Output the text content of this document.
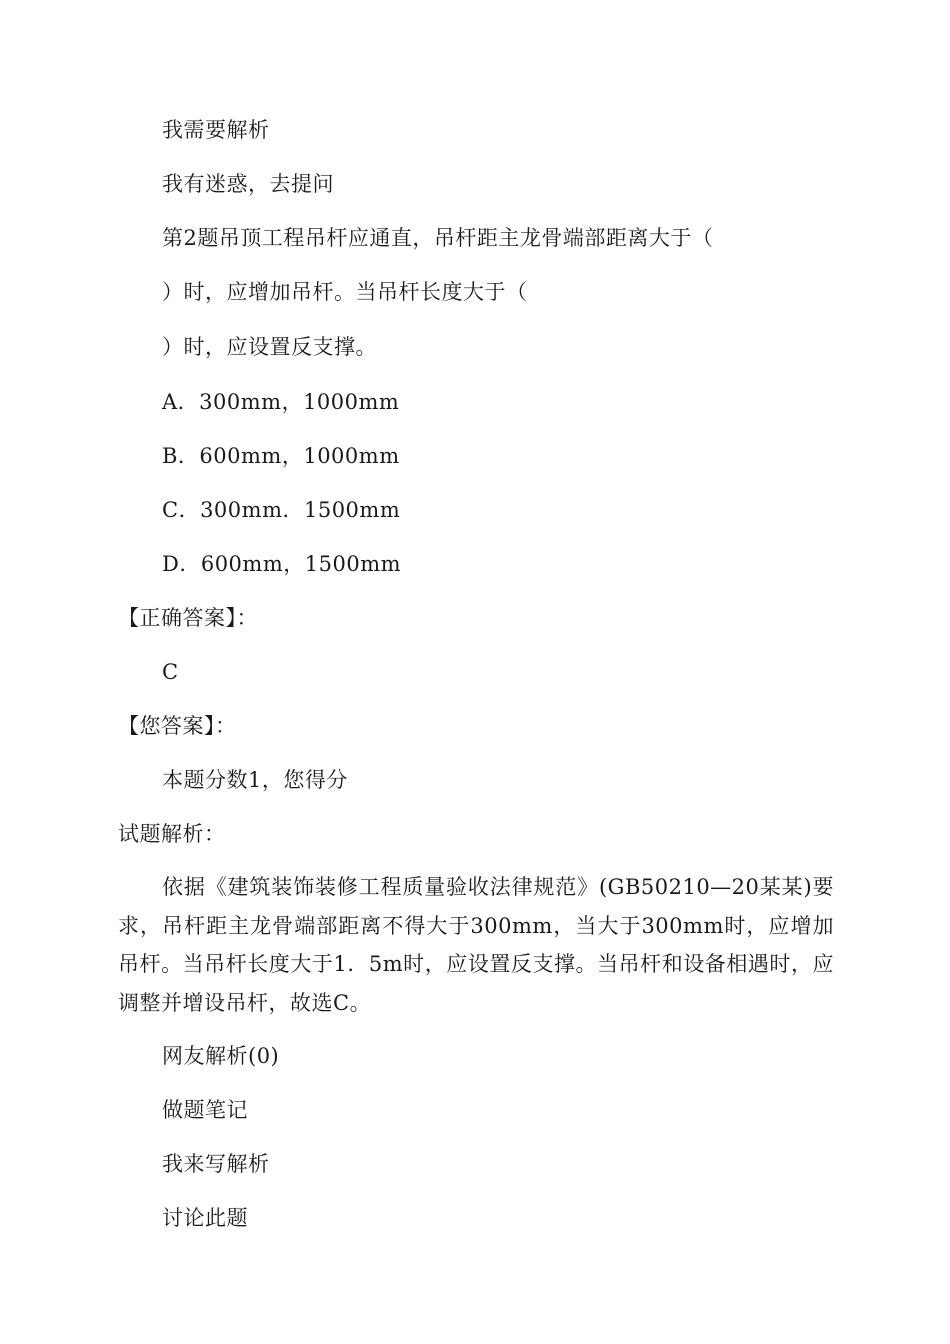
我需要解析
我有迷惑，去提问
第2题吊顶工程吊杆应通直，吊杆距主龙骨端部距离大于（
）时，应增加吊杆。当吊杆长度大于（
）时，应设置反支撑。
A．300mm，1000mm
B．600mm，1000mm
C．300mm．1500mm
D．600mm，1500mm
【正确答案】：
C
【您答案】：
本题分数1，您得分
试题解析：
依据《建筑装饰装修工程质量验收法律规范》(GB50210—20某某)要求，吊杆距主龙骨端部距离不得大于300mm，当大于300mm时，应增加吊杆。当吊杆长度大于1．5m时，应设置反支撑。当吊杆和设备相遇时，应调整并增设吊杆，故选C。
网友解析(0)
做题笔记
我来写解析
讨论此题
